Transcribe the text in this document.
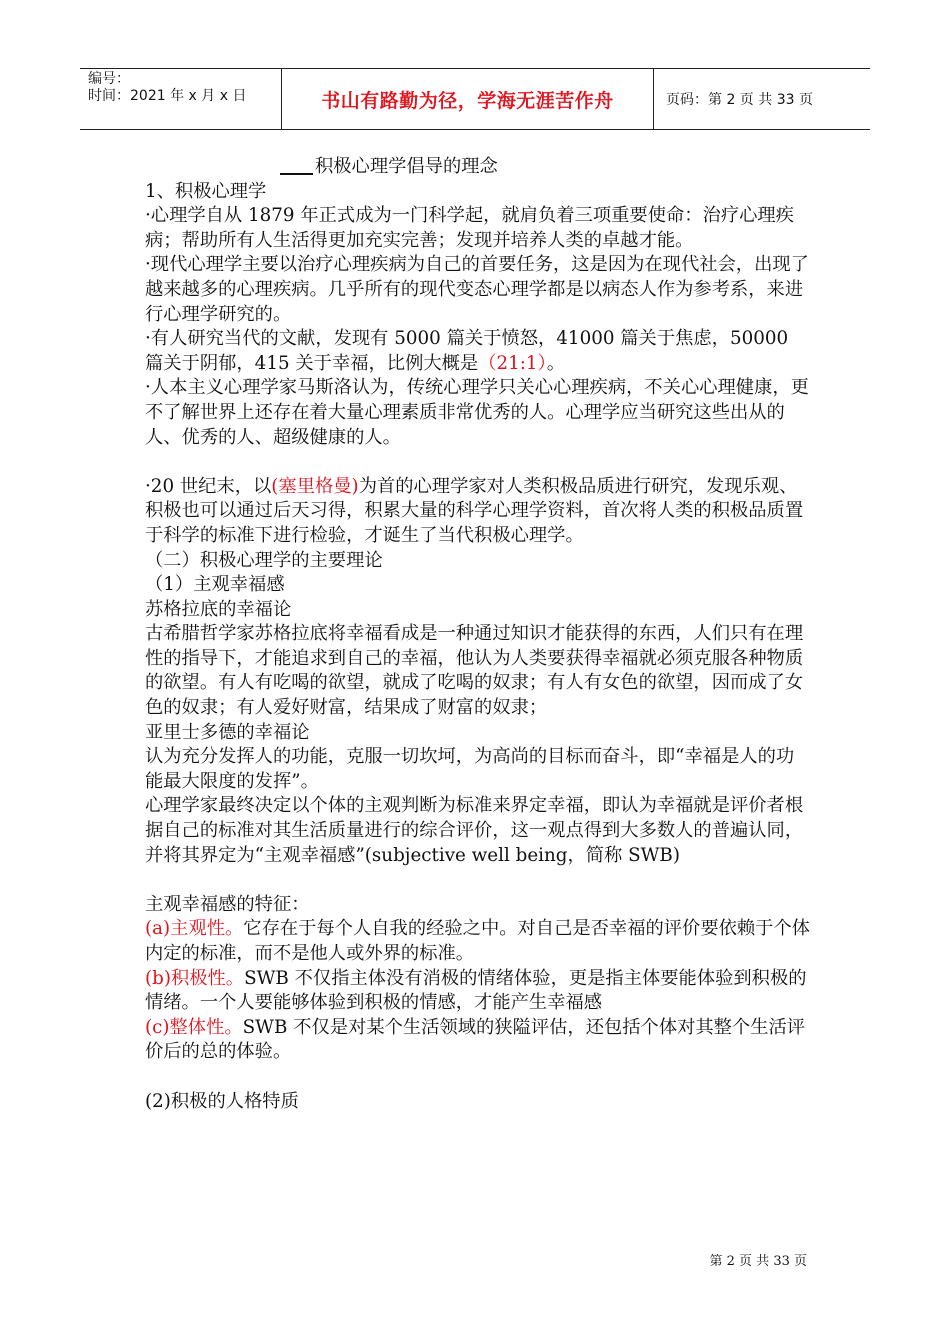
编号：
时间：2021 年 x 月 x 日	书山有路勤为径，学海无涯苦作舟	页码：第 2 页 共 33 页

积极心理学倡导的理念

1、积极心理学

·心理学自从 1879 年正式成为一门科学起，就肩负着三项重要使命：治疗心理疾病；帮助所有人生活得更加充实完善；发现并培养人类的卓越才能。

·现代心理学主要以治疗心理疾病为自己的首要任务，这是因为在现代社会，出现了越来越多的心理疾病。几乎所有的现代变态心理学都是以病态人作为参考系，来进行心理学研究的。

·有人研究当代的文献，发现有 5000 篇关于愤怒，41000 篇关于焦虑，50000 篇关于阴郁，415 关于幸福，比例大概是（21:1）。

·人本主义心理学家马斯洛认为，传统心理学只关心心理疾病，不关心心理健康，更不了解世界上还存在着大量心理素质非常优秀的人。心理学应当研究这些出从的人、优秀的人、超级健康的人。

·20 世纪末，以(塞里格曼)为首的心理学家对人类积极品质进行研究，发现乐观、积极也可以通过后天习得，积累大量的科学心理学资料，首次将人类的积极品质置于科学的标准下进行检验，才诞生了当代积极心理学。

（二）积极心理学的主要理论

（1）主观幸福感

苏格拉底的幸福论

古希腊哲学家苏格拉底将幸福看成是一种通过知识才能获得的东西，人们只有在理性的指导下，才能追求到自己的幸福，他认为人类要获得幸福就必须克服各种物质的欲望。有人有吃喝的欲望，就成了吃喝的奴隶；有人有女色的欲望，因而成了女色的奴隶；有人爱好财富，结果成了财富的奴隶；

亚里士多德的幸福论

认为充分发挥人的功能，克服一切坎坷，为高尚的目标而奋斗，即“幸福是人的功能最大限度的发挥”。

心理学家最终决定以个体的主观判断为标准来界定幸福，即认为幸福就是评价者根据自己的标准对其生活质量进行的综合评价，这一观点得到大多数人的普遍认同，并将其界定为“主观幸福感”(subjective well being，简称 SWB)

主观幸福感的特征：

(a)主观性。它存在于每个人自我的经验之中。对自己是否幸福的评价要依赖于个体内定的标准，而不是他人或外界的标准。

(b)积极性。SWB 不仅指主体没有消极的情绪体验，更是指主体要能体验到积极的情绪。一个人要能够体验到积极的情感，才能产生幸福感

(c)整体性。SWB 不仅是对某个生活领域的狭隘评估，还包括个体对其整个生活评价后的总的体验。

(2)积极的人格特质

第 2 页 共 33 页
